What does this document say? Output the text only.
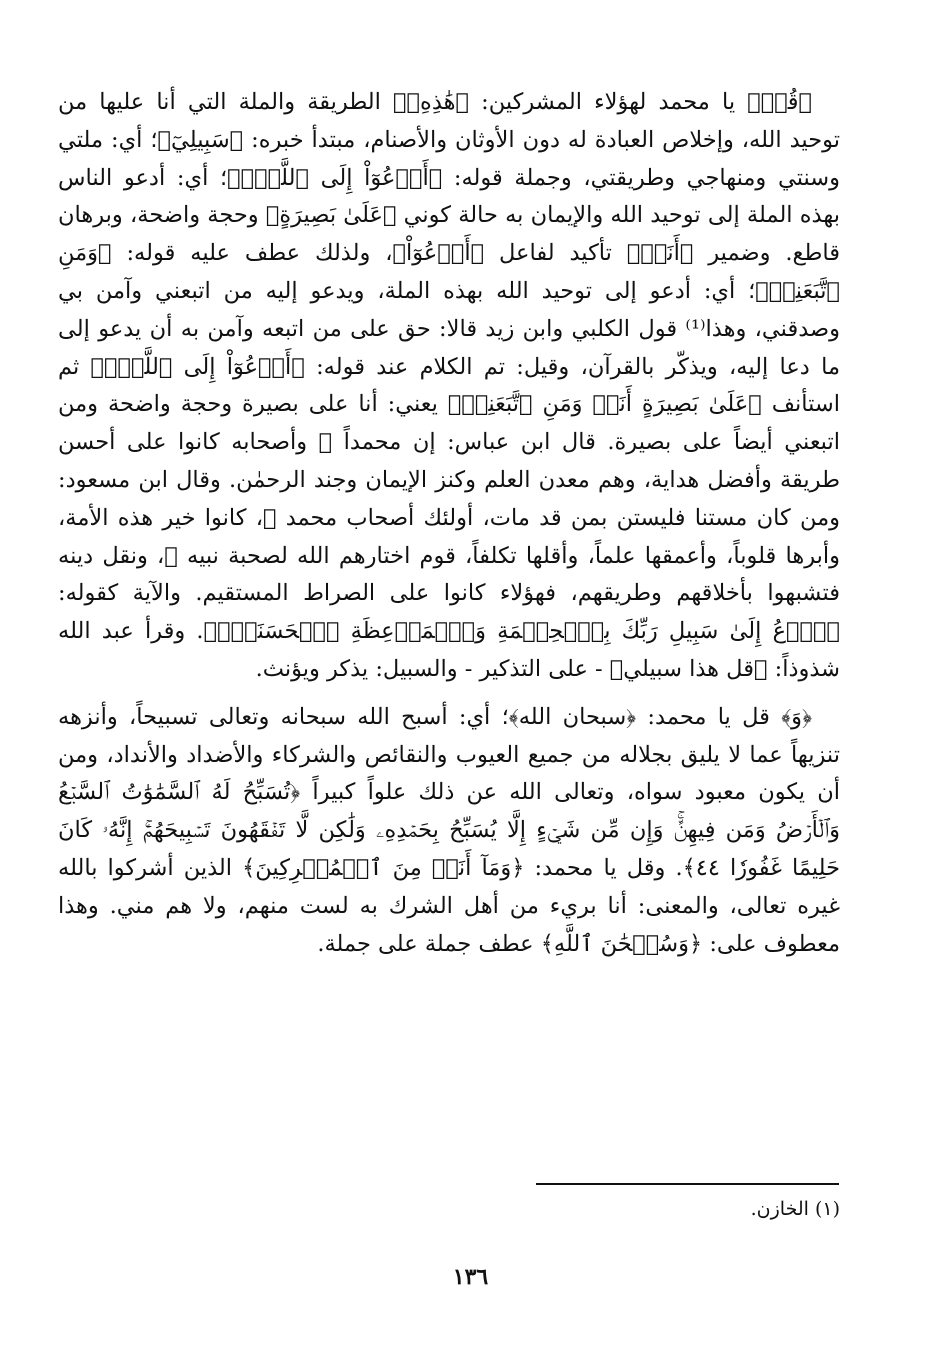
﴿قُلۡ﴾ يا محمد لهؤلاء المشركين: ﴿هَٰذِهِۦ﴾ الطريقة والملة التي أنا عليها من توحيد الله، وإخلاص العبادة له دون الأوثان والأصنام، مبتدأ خبره: ﴿سَبِيلِيٓ﴾؛ أي: ملتي وسنتي ومنهاجي وطريقتي، وجملة قوله: ﴿أَدۡعُوٓاْ إِلَى ٱللَّهِۚ﴾؛ أي: أدعو الناس بهذه الملة إلى توحيد الله والإيمان به حالة كوني ﴿عَلَىٰ بَصِيرَةٍ﴾ وحجة واضحة، وبرهان قاطع. وضمير ﴿أَنَا۠﴾ تأكيد لفاعل ﴿أَدۡعُوٓاْ﴾، ولذلك عطف عليه قوله: ﴿وَمَنِ ٱتَّبَعَنِيۖ﴾؛ أي: أدعو إلى توحيد الله بهذه الملة، ويدعو إليه من اتبعني وآمن بي وصدقني، وهذا⁽¹⁾ قول الكلبي وابن زيد قالا: حق على من اتبعه وآمن به أن يدعو إلى ما دعا إليه، ويذكّر بالقرآن، وقيل: تم الكلام عند قوله: ﴿أَدۡعُوٓاْ إِلَى ٱللَّهِۚ﴾ ثم استأنف ﴿عَلَىٰ بَصِيرَةٍ أَنَا۠ وَمَنِ ٱتَّبَعَنِيۖ﴾ يعني: أنا على بصيرة وحجة واضحة ومن اتبعني أيضاً على بصيرة. قال ابن عباس: إن محمداً ﷺ وأصحابه كانوا على أحسن طريقة وأفضل هداية، وهم معدن العلم وكنز الإيمان وجند الرحمٰن. وقال ابن مسعود: ومن كان مستنا فليستن بمن قد مات، أولئك أصحاب محمد ﷺ، كانوا خير هذه الأمة، وأبرها قلوباً، وأعمقها علماً، وأقلها تكلفاً، قوم اختارهم الله لصحبة نبيه ﷺ، ونقل دينه فتشبهوا بأخلاقهم وطريقهم، فهؤلاء كانوا على الصراط المستقيم. والآية كقوله: ﴿ٱدۡعُ إِلَىٰ سَبِيلِ رَبِّكَ بِٱلۡحِكۡمَةِ وَٱلۡمَوۡعِظَةِ ٱلۡحَسَنَةِۖ﴾. وقرأ عبد الله شذوذاً: ﴿قل هذا سبيلي﴾ - على التذكير - والسبيل: يذكر ويؤنث.

﴿وَ﴾ قل يا محمد: ﴿سبحان الله﴾؛ أي: أسبح الله سبحانه وتعالى تسبيحاً، وأنزهه تنزيهاً عما لا يليق بجلاله من جميع العيوب والنقائص والشركاء والأضداد والأنداد، ومن أن يكون معبود سواه، وتعالى الله عن ذلك علواً كبيراً ﴿تُسَبِّحُ لَهُ ٱلسَّمَٰوَٰتُ ٱلسَّبۡعُ وَٱلۡأَرۡضُ وَمَن فِيهِنَّۚ وَإِن مِّن شَيۡءٍ إِلَّا يُسَبِّحُ بِحَمۡدِهِۦ وَلَٰكِن لَّا تَفۡقَهُونَ تَسۡبِيحَهُمۡۚ إِنَّهُۥ كَانَ حَلِيمًا غَفُورٗا ٤٤﴾. وقل يا محمد: ﴿وَمَآ أَنَا۠ مِنَ ٱلۡمُشۡرِكِينَ﴾ الذين أشركوا بالله غيره تعالى، والمعنى: أنا بريء من أهل الشرك به لست منهم، ولا هم مني. وهذا معطوف على: ﴿وَسُبۡحَٰنَ ٱللَّهِ﴾ عطف جملة على جملة.

(١) الخازن.
١٣٦
